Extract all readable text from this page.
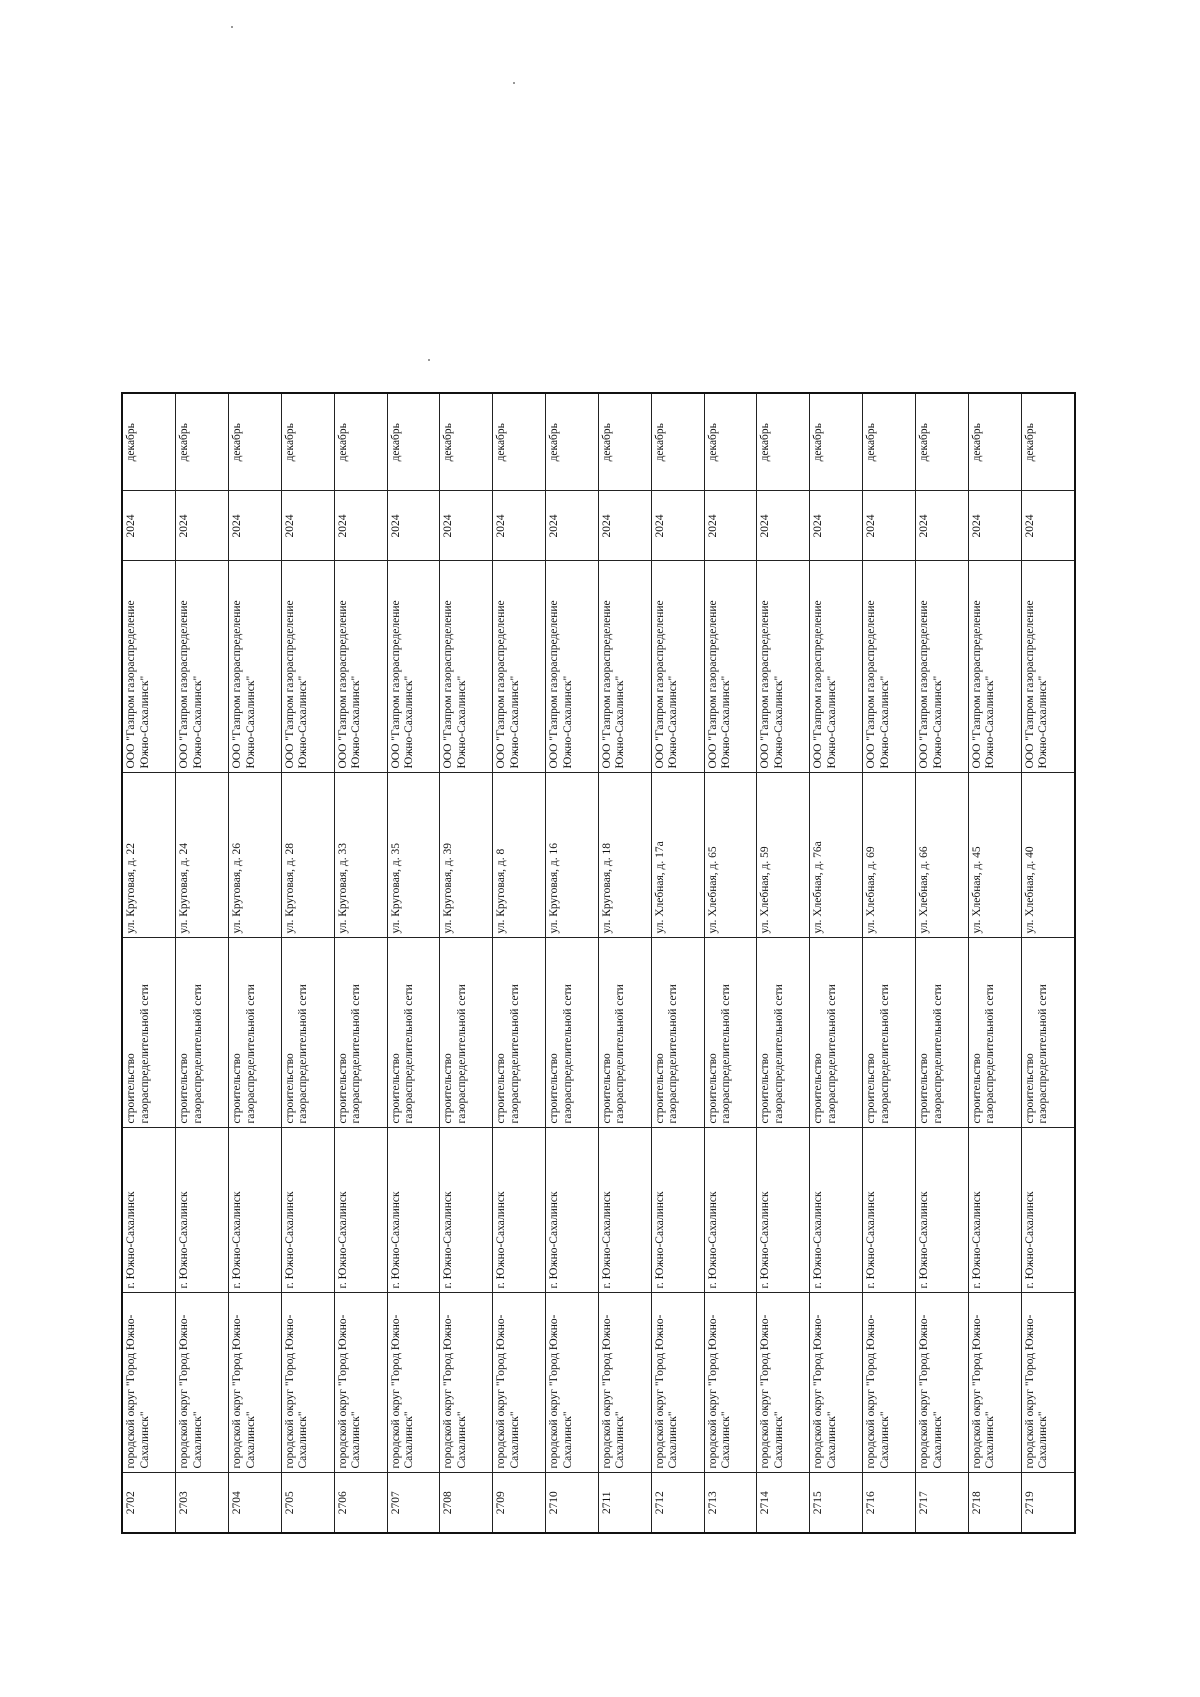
2702	городской округ "Город Южно-Сахалинск"	г. Южно-Сахалинск	строительство газораспределительной сети	ул. Круговая, д. 22	ООО "Газпром газораспределение Южно-Сахалинск"	2024	декабрь
2703	городской округ "Город Южно-Сахалинск"	г. Южно-Сахалинск	строительство газораспределительной сети	ул. Круговая, д. 24	ООО "Газпром газораспределение Южно-Сахалинск"	2024	декабрь
2704	городской округ "Город Южно-Сахалинск"	г. Южно-Сахалинск	строительство газораспределительной сети	ул. Круговая, д. 26	ООО "Газпром газораспределение Южно-Сахалинск"	2024	декабрь
2705	городской округ "Город Южно-Сахалинск"	г. Южно-Сахалинск	строительство газораспределительной сети	ул. Круговая, д. 28	ООО "Газпром газораспределение Южно-Сахалинск"	2024	декабрь
2706	городской округ "Город Южно-Сахалинск"	г. Южно-Сахалинск	строительство газораспределительной сети	ул. Круговая, д. 33	ООО "Газпром газораспределение Южно-Сахалинск"	2024	декабрь
2707	городской округ "Город Южно-Сахалинск"	г. Южно-Сахалинск	строительство газораспределительной сети	ул. Круговая, д. 35	ООО "Газпром газораспределение Южно-Сахалинск"	2024	декабрь
2708	городской округ "Город Южно-Сахалинск"	г. Южно-Сахалинск	строительство газораспределительной сети	ул. Круговая, д. 39	ООО "Газпром газораспределение Южно-Сахалинск"	2024	декабрь
2709	городской округ "Город Южно-Сахалинск"	г. Южно-Сахалинск	строительство газораспределительной сети	ул. Круговая, д. 8	ООО "Газпром газораспределение Южно-Сахалинск"	2024	декабрь
2710	городской округ "Город Южно-Сахалинск"	г. Южно-Сахалинск	строительство газораспределительной сети	ул. Круговая, д. 16	ООО "Газпром газораспределение Южно-Сахалинск"	2024	декабрь
2711	городской округ "Город Южно-Сахалинск"	г. Южно-Сахалинск	строительство газораспределительной сети	ул. Круговая, д. 18	ООО "Газпром газораспределение Южно-Сахалинск"	2024	декабрь
2712	городской округ "Город Южно-Сахалинск"	г. Южно-Сахалинск	строительство газораспределительной сети	ул. Хлебная, д. 17а	ООО "Газпром газораспределение Южно-Сахалинск"	2024	декабрь
2713	городской округ "Город Южно-Сахалинск"	г. Южно-Сахалинск	строительство газораспределительной сети	ул. Хлебная, д. 65	ООО "Газпром газораспределение Южно-Сахалинск"	2024	декабрь
2714	городской округ "Город Южно-Сахалинск"	г. Южно-Сахалинск	строительство газораспределительной сети	ул. Хлебная, д. 59	ООО "Газпром газораспределение Южно-Сахалинск"	2024	декабрь
2715	городской округ "Город Южно-Сахалинск"	г. Южно-Сахалинск	строительство газораспределительной сети	ул. Хлебная, д. 76а	ООО "Газпром газораспределение Южно-Сахалинск"	2024	декабрь
2716	городской округ "Город Южно-Сахалинск"	г. Южно-Сахалинск	строительство газораспределительной сети	ул. Хлебная, д. 69	ООО "Газпром газораспределение Южно-Сахалинск"	2024	декабрь
2717	городской округ "Город Южно-Сахалинск"	г. Южно-Сахалинск	строительство газораспределительной сети	ул. Хлебная, д. 66	ООО "Газпром газораспределение Южно-Сахалинск"	2024	декабрь
2718	городской округ "Город Южно-Сахалинск"	г. Южно-Сахалинск	строительство газораспределительной сети	ул. Хлебная, д. 45	ООО "Газпром газораспределение Южно-Сахалинск"	2024	декабрь
2719	городской округ "Город Южно-Сахалинск"	г. Южно-Сахалинск	строительство газораспределительной сети	ул. Хлебная, д. 40	ООО "Газпром газораспределение Южно-Сахалинск"	2024	декабрь
